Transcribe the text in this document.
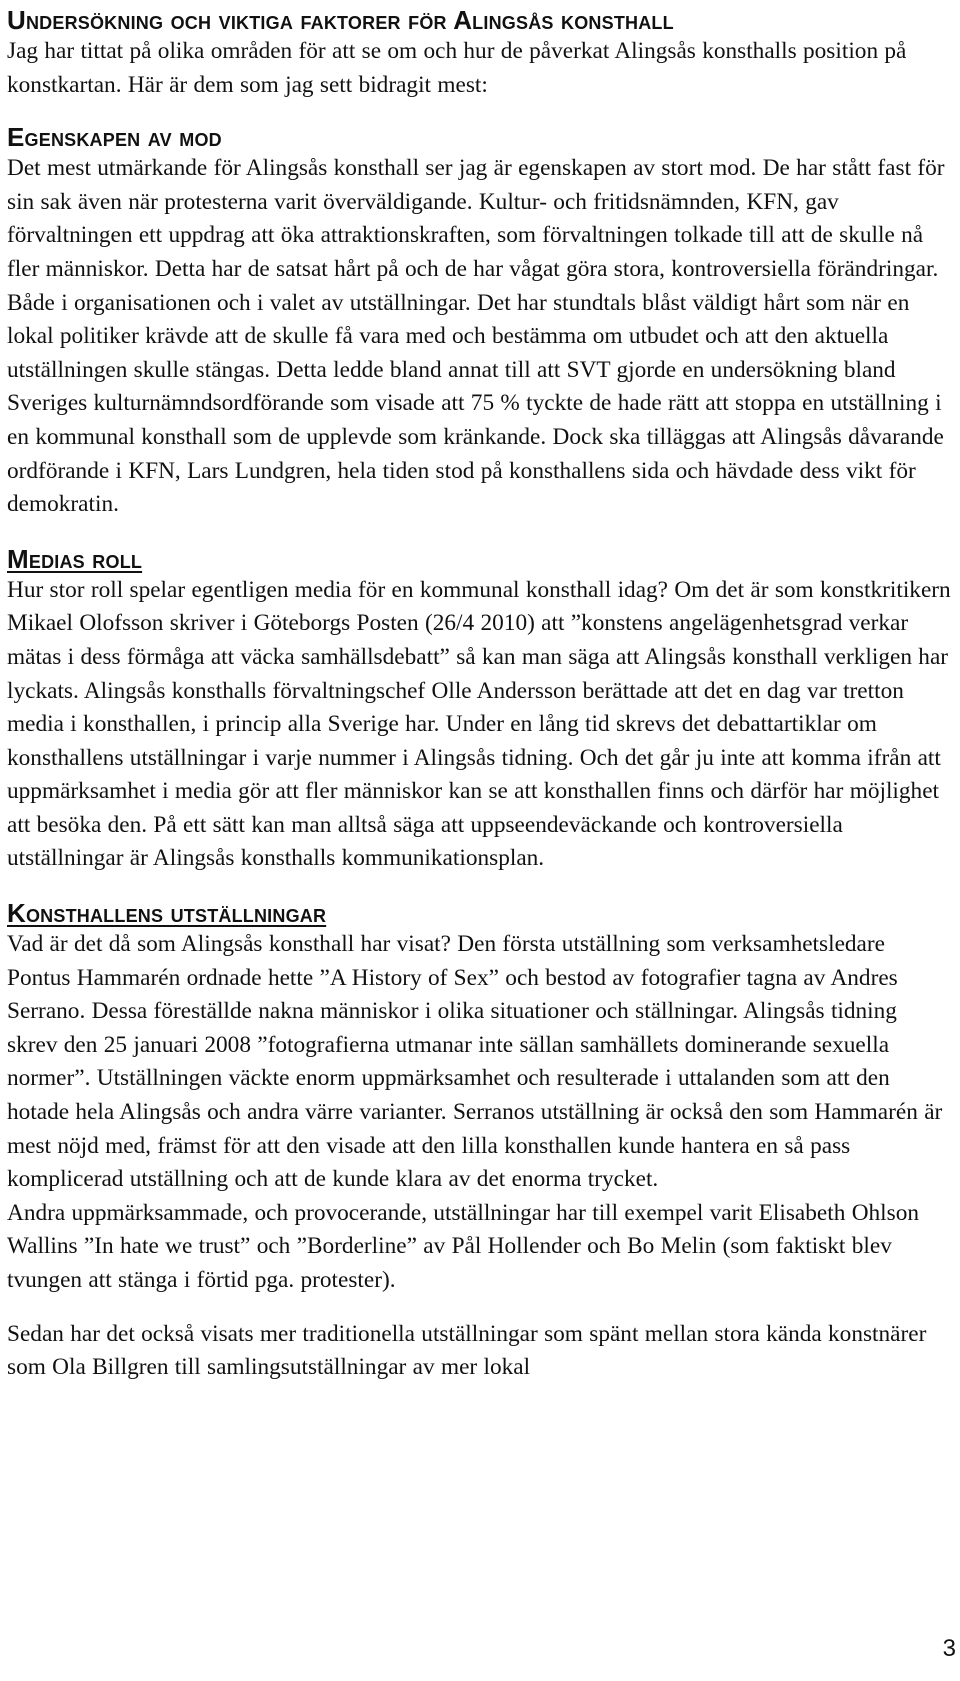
Undersökning och viktiga faktorer för Alingsås konsthall

Jag har tittat på olika områden för att se om och hur de påverkat Alingsås konsthalls position på konstkartan. Här är dem som jag sett bidragit mest:

Egenskapen av mod

Det mest utmärkande för Alingsås konsthall ser jag är egenskapen av stort mod. De har stått fast för sin sak även när protesterna varit överväldigande. Kultur- och fritidsnämnden, KFN, gav förvaltningen ett uppdrag att öka attraktionskraften, som förvaltningen tolkade till att de skulle nå fler människor. Detta har de satsat hårt på och de har vågat göra stora, kontroversiella förändringar. Både i organisationen och i valet av utställningar. Det har stundtals blåst väldigt hårt som när en lokal politiker krävde att de skulle få vara med och bestämma om utbudet och att den aktuella utställningen skulle stängas. Detta ledde bland annat till att SVT gjorde en undersökning bland Sveriges kulturnämndsordförande som visade att 75 % tyckte de hade rätt att stoppa en utställning i en kommunal konsthall som de upplevde som kränkande. Dock ska tilläggas att Alingsås dåvarande ordförande i KFN, Lars Lundgren, hela tiden stod på konsthallens sida och hävdade dess vikt för demokratin.

Medias roll

Hur stor roll spelar egentligen media för en kommunal konsthall idag? Om det är som konstkritikern Mikael Olofsson skriver i Göteborgs Posten (26/4 2010) att ”konstens angelägenhetsgrad verkar mätas i dess förmåga att väcka samhällsdebatt” så kan man säga att Alingsås konsthall verkligen har lyckats. Alingsås konsthalls förvaltningschef Olle Andersson berättade att det en dag var tretton media i konsthallen, i princip alla Sverige har. Under en lång tid skrevs det debattartiklar om konsthallens utställningar i varje nummer i Alingsås tidning. Och det går ju inte att komma ifrån att uppmärksamhet i media gör att fler människor kan se att konsthallen finns och därför har möjlighet att besöka den. På ett sätt kan man alltså säga att uppseendeväckande och kontroversiella utställningar är Alingsås konsthalls kommunikationsplan.

Konsthallens utställningar

Vad är det då som Alingsås konsthall har visat? Den första utställning som verksamhetsledare Pontus Hammarén ordnade hette ”A History of Sex” och bestod av fotografier tagna av Andres Serrano. Dessa föreställde nakna människor i olika situationer och ställningar. Alingsås tidning skrev den 25 januari 2008 ”fotografierna utmanar inte sällan samhällets dominerande sexuella normer”. Utställningen väckte enorm uppmärksamhet och resulterade i uttalanden som att den hotade hela Alingsås och andra värre varianter. Serranos utställning är också den som Hammarén är mest nöjd med, främst för att den visade att den lilla konsthallen kunde hantera en så pass komplicerad utställning och att de kunde klara av det enorma trycket.

Andra uppmärksammade, och provocerande, utställningar har till exempel varit Elisabeth Ohlson Wallins ”In hate we trust” och ”Borderline” av Pål Hollender och Bo Melin (som faktiskt blev tvungen att stänga i förtid pga. protester).

Sedan har det också visats mer traditionella utställningar som spänt mellan stora kända konstnärer som Ola Billgren till samlingsutställningar av mer lokal

3
